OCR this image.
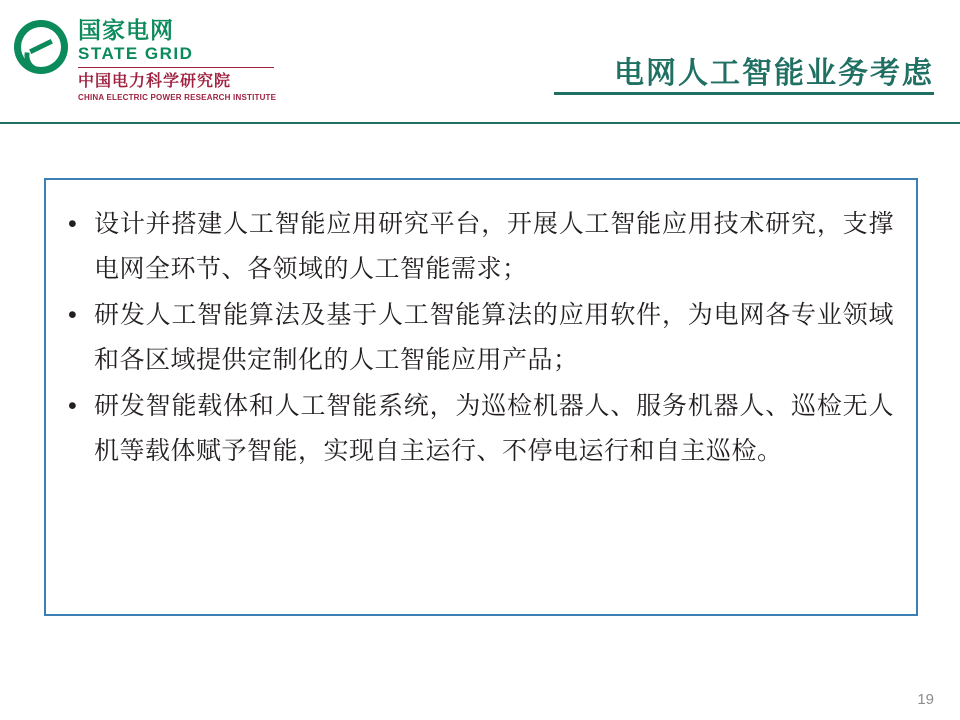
国家电网
STATE GRID
中国电力科学研究院
CHINA ELECTRIC POWER RESEARCH INSTITUTE
电网人工智能业务考虑
• 设计并搭建人工智能应用研究平台，开展人工智能应用技术研究，支撑电网全环节、各领域的人工智能需求；
• 研发人工智能算法及基于人工智能算法的应用软件，为电网各专业领域和各区域提供定制化的人工智能应用产品；
• 研发智能载体和人工智能系统，为巡检机器人、服务机器人、巡检无人机等载体赋予智能，实现自主运行、不停电运行和自主巡检。
19
